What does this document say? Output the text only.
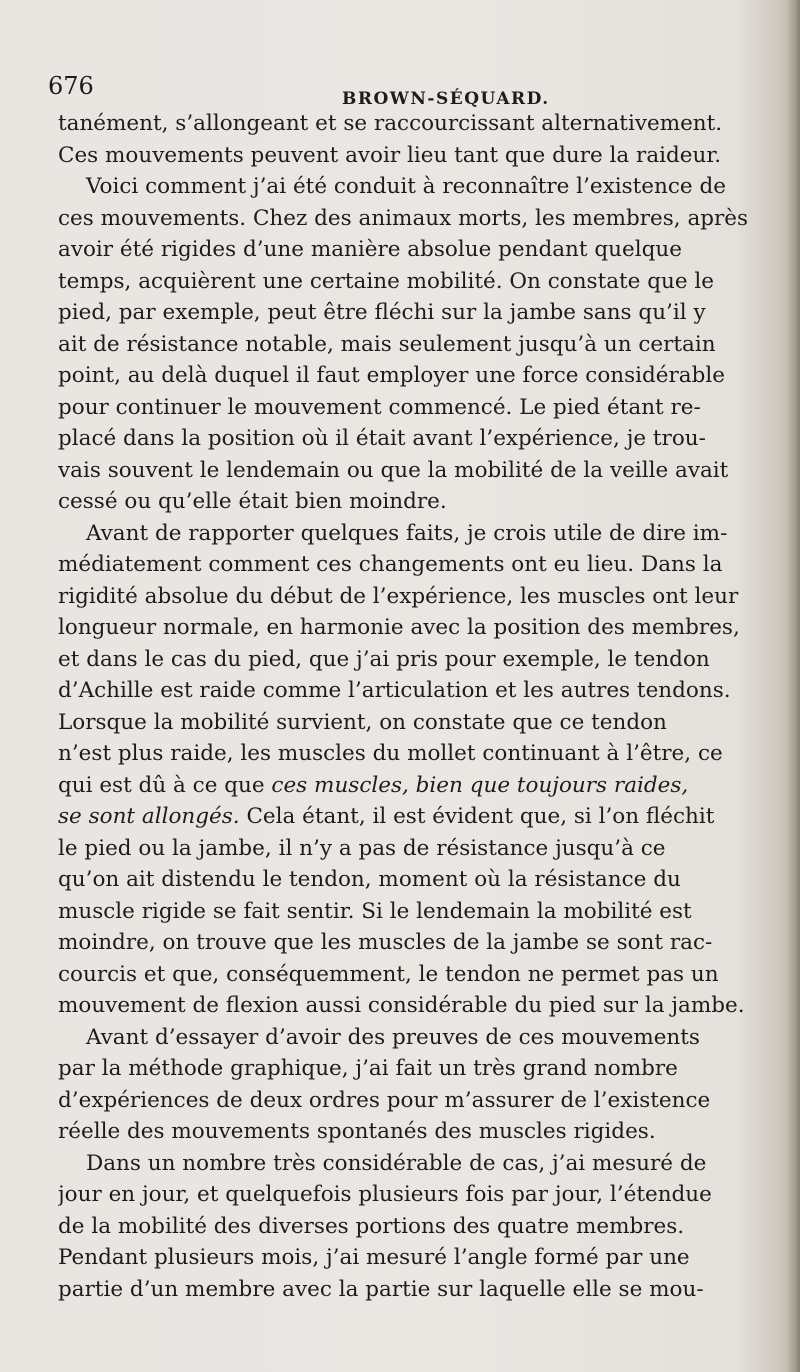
676	BROWN-SÉQUARD.
tanément, s’allongeant et se raccourcissant alternativement.
Ces mouvements peuvent avoir lieu tant que dure la raideur.
Voici comment j’ai été conduit à reconnaître l’existence de
ces mouvements. Chez des animaux morts, les membres, après
avoir été rigides d’une manière absolue pendant quelque
temps, acquièrent une certaine mobilité. On constate que le
pied, par exemple, peut être fléchi sur la jambe sans qu’il y
ait de résistance notable, mais seulement jusqu’à un certain
point, au delà duquel il faut employer une force considérable
pour continuer le mouvement commencé. Le pied étant re-
placé dans la position où il était avant l’expérience, je trou-
vais souvent le lendemain ou que la mobilité de la veille avait
cessé ou qu’elle était bien moindre.
Avant de rapporter quelques faits, je crois utile de dire im-
médiatement comment ces changements ont eu lieu. Dans la
rigidité absolue du début de l’expérience, les muscles ont leur
longueur normale, en harmonie avec la position des membres,
et dans le cas du pied, que j’ai pris pour exemple, le tendon
d’Achille est raide comme l’articulation et les autres tendons.
Lorsque la mobilité survient, on constate que ce tendon
n’est plus raide, les muscles du mollet continuant à l’être, ce
qui est dû à ce que ces muscles, bien que toujours raides,
se sont allongés. Cela étant, il est évident que, si l’on fléchit
le pied ou la jambe, il n’y a pas de résistance jusqu’à ce
qu’on ait distendu le tendon, moment où la résistance du
muscle rigide se fait sentir. Si le lendemain la mobilité est
moindre, on trouve que les muscles de la jambe se sont rac-
courcis et que, conséquemment, le tendon ne permet pas un
mouvement de flexion aussi considérable du pied sur la jambe.
Avant d’essayer d’avoir des preuves de ces mouvements
par la méthode graphique, j’ai fait un très grand nombre
d’expériences de deux ordres pour m’assurer de l’existence
réelle des mouvements spontanés des muscles rigides.
Dans un nombre très considérable de cas, j’ai mesuré de
jour en jour, et quelquefois plusieurs fois par jour, l’étendue
de la mobilité des diverses portions des quatre membres.
Pendant plusieurs mois, j’ai mesuré l’angle formé par une
partie d’un membre avec la partie sur laquelle elle se mou-
